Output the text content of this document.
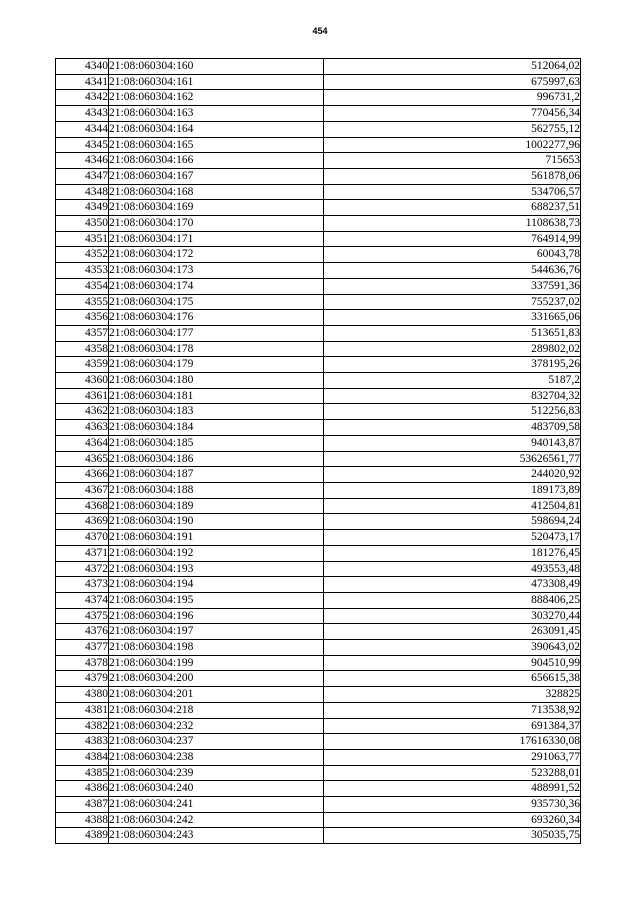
454
4340	21:08:060304:160	512064,02
4341	21:08:060304:161	675997,63
4342	21:08:060304:162	996731,2
4343	21:08:060304:163	770456,34
4344	21:08:060304:164	562755,12
4345	21:08:060304:165	1002277,96
4346	21:08:060304:166	715653
4347	21:08:060304:167	561878,06
4348	21:08:060304:168	534706,57
4349	21:08:060304:169	688237,51
4350	21:08:060304:170	1108638,73
4351	21:08:060304:171	764914,99
4352	21:08:060304:172	60043,78
4353	21:08:060304:173	544636,76
4354	21:08:060304:174	337591,36
4355	21:08:060304:175	755237,02
4356	21:08:060304:176	331665,06
4357	21:08:060304:177	513651,83
4358	21:08:060304:178	289802,02
4359	21:08:060304:179	378195,26
4360	21:08:060304:180	5187,2
4361	21:08:060304:181	832704,32
4362	21:08:060304:183	512256,83
4363	21:08:060304:184	483709,58
4364	21:08:060304:185	940143,87
4365	21:08:060304:186	53626561,77
4366	21:08:060304:187	244020,92
4367	21:08:060304:188	189173,89
4368	21:08:060304:189	412504,81
4369	21:08:060304:190	598694,24
4370	21:08:060304:191	520473,17
4371	21:08:060304:192	181276,45
4372	21:08:060304:193	493553,48
4373	21:08:060304:194	473308,49
4374	21:08:060304:195	888406,25
4375	21:08:060304:196	303270,44
4376	21:08:060304:197	263091,45
4377	21:08:060304:198	390643,02
4378	21:08:060304:199	904510,99
4379	21:08:060304:200	656615,38
4380	21:08:060304:201	328825
4381	21:08:060304:218	713538,92
4382	21:08:060304:232	691384,37
4383	21:08:060304:237	17616330,08
4384	21:08:060304:238	291063,77
4385	21:08:060304:239	523288,01
4386	21:08:060304:240	488991,52
4387	21:08:060304:241	935730,36
4388	21:08:060304:242	693260,34
4389	21:08:060304:243	305035,75
